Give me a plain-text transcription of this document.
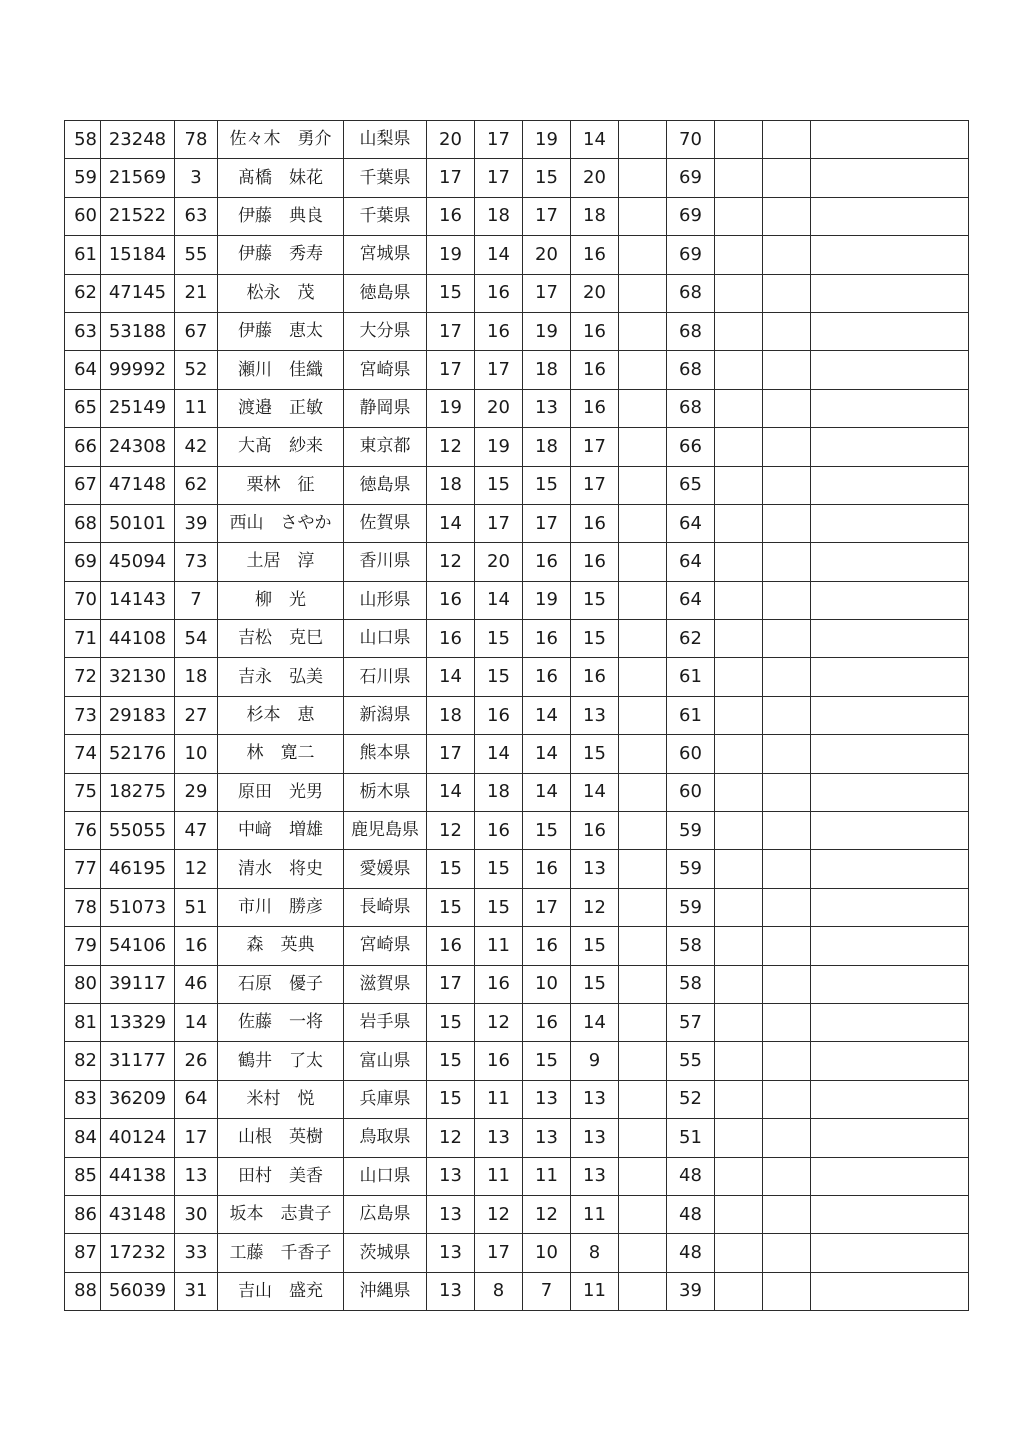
58	23248	78	佐々木　勇介	山梨県	20	17	19	14		70			
59	21569	3	髙橋　妹花	千葉県	17	17	15	20		69			
60	21522	63	伊藤　典良	千葉県	16	18	17	18		69			
61	15184	55	伊藤　秀寿	宮城県	19	14	20	16		69			
62	47145	21	松永　茂	徳島県	15	16	17	20		68			
63	53188	67	伊藤　恵太	大分県	17	16	19	16		68			
64	99992	52	瀬川　佳織	宮崎県	17	17	18	16		68			
65	25149	11	渡邉　正敏	静岡県	19	20	13	16		68			
66	24308	42	大髙　紗来	東京都	12	19	18	17		66			
67	47148	62	栗林　征	徳島県	18	15	15	17		65			
68	50101	39	西山　さやか	佐賀県	14	17	17	16		64			
69	45094	73	土居　淳	香川県	12	20	16	16		64			
70	14143	7	柳　光	山形県	16	14	19	15		64			
71	44108	54	吉松　克巳	山口県	16	15	16	15		62			
72	32130	18	吉永　弘美	石川県	14	15	16	16		61			
73	29183	27	杉本　恵	新潟県	18	16	14	13		61			
74	52176	10	林　寛二	熊本県	17	14	14	15		60			
75	18275	29	原田　光男	栃木県	14	18	14	14		60			
76	55055	47	中﨑　増雄	鹿児島県	12	16	15	16		59			
77	46195	12	清水　将史	愛媛県	15	15	16	13		59			
78	51073	51	市川　勝彦	長崎県	15	15	17	12		59			
79	54106	16	森　英典	宮崎県	16	11	16	15		58			
80	39117	46	石原　優子	滋賀県	17	16	10	15		58			
81	13329	14	佐藤　一将	岩手県	15	12	16	14		57			
82	31177	26	鶴井　了太	富山県	15	16	15	9		55			
83	36209	64	米村　悦	兵庫県	15	11	13	13		52			
84	40124	17	山根　英樹	鳥取県	12	13	13	13		51			
85	44138	13	田村　美香	山口県	13	11	11	13		48			
86	43148	30	坂本　志貴子	広島県	13	12	12	11		48			
87	17232	33	工藤　千香子	茨城県	13	17	10	8		48			
88	56039	31	吉山　盛充	沖縄県	13	8	7	11		39			
